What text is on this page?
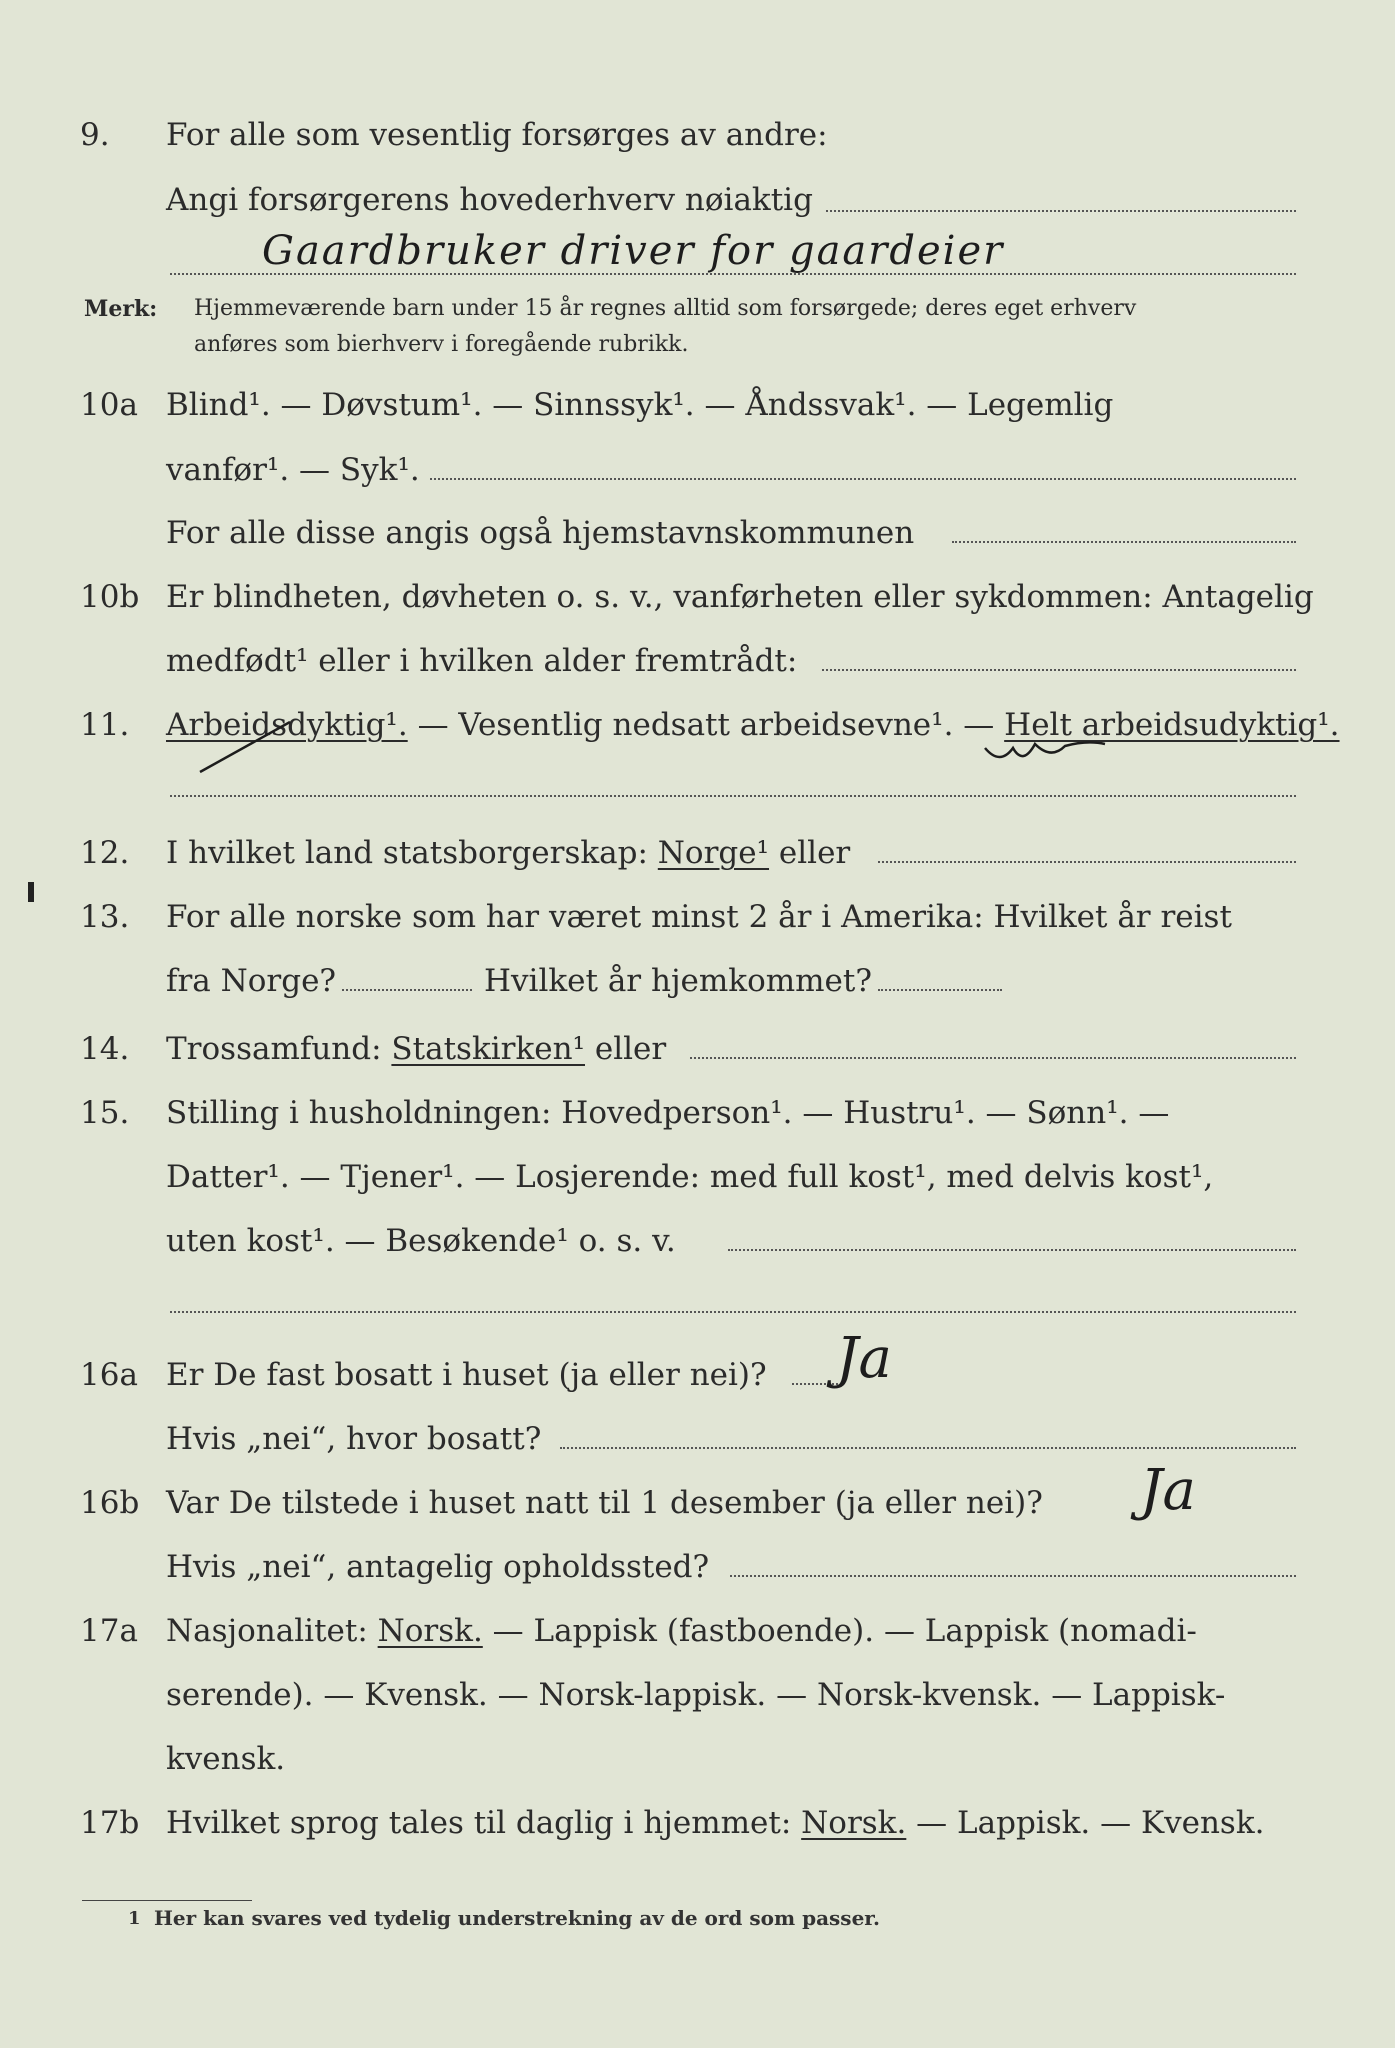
9. For alle som vesentlig forsørges av andre:
Angi forsørgerens hovederhverv nøiaktig
Gaardbruker driver for gaardeier
Merk: Hjemmeværende barn under 15 år regnes alltid som forsørgede; deres eget erhverv
anføres som bierhverv i foregående rubrikk.
10a Blind¹. — Døvstum¹. — Sinnssyk¹. — Åndssvak¹. — Legemlig
vanfør¹. — Syk¹.
For alle disse angis også hjemstavnskommunen
10b Er blindheten, døvheten o. s. v., vanførheten eller sykdommen: Antagelig
medfødt¹ eller i hvilken alder fremtrådt:
11. Arbeidsdyktig¹. — Vesentlig nedsatt arbeidsevne¹. — Helt arbeidsudyktig¹.
12. I hvilket land statsborgerskap: Norge¹ eller
13. For alle norske som har været minst 2 år i Amerika: Hvilket år reist
fra Norge?	Hvilket år hjemkommet?
14. Trossamfund: Statskirken¹ eller
15. Stilling i husholdningen: Hovedperson¹. — Hustru¹. — Sønn¹. —
Datter¹. — Tjener¹. — Losjerende: med full kost¹, med delvis kost¹,
uten kost¹. — Besøkende¹ o. s. v.
16a Er De fast bosatt i huset (ja eller nei)? Ja
Hvis „nei“, hvor bosatt?
16b Var De tilstede i huset natt til 1 desember (ja eller nei)? Ja
Hvis „nei“, antagelig opholdssted?
17a Nasjonalitet: Norsk. — Lappisk (fastboende). — Lappisk (nomadi-
serende). — Kvensk. — Norsk-lappisk. — Norsk-kvensk. — Lappisk-
kvensk.
17b Hvilket sprog tales til daglig i hjemmet: Norsk. — Lappisk. — Kvensk.
1 Her kan svares ved tydelig understrekning av de ord som passer.
